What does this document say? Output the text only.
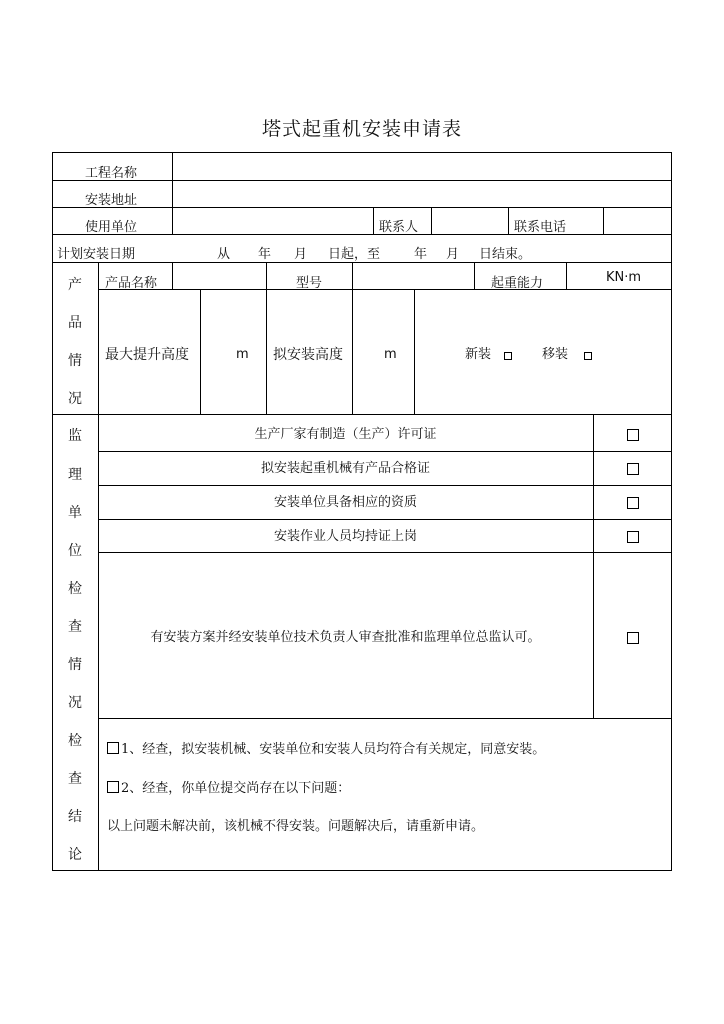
塔式起重机安装申请表
工程名称
安装地址
使用单位	联系人	联系电话
计划安装日期	从 年 月 日起，至	年 月 日结束。
产
品
情
况
产品名称	型号	起重能力	KN·m
最大提升高度	m 拟安装高度	m	新装	移装
监
理
单
位
检
查
情
况
生产厂家有制造（生产）许可证
拟安装起重机械有产品合格证
安装单位具备相应的资质
安装作业人员均持证上岗
有安装方案并经安装单位技术负责人审查批准和监理单位总监认可。
检
查
结
论
1、经查，拟安装机械、安装单位和安装人员均符合有关规定，同意安装。
2、经查，你单位提交尚存在以下问题：
以上问题未解决前，该机械不得安装。问题解决后，请重新申请。
